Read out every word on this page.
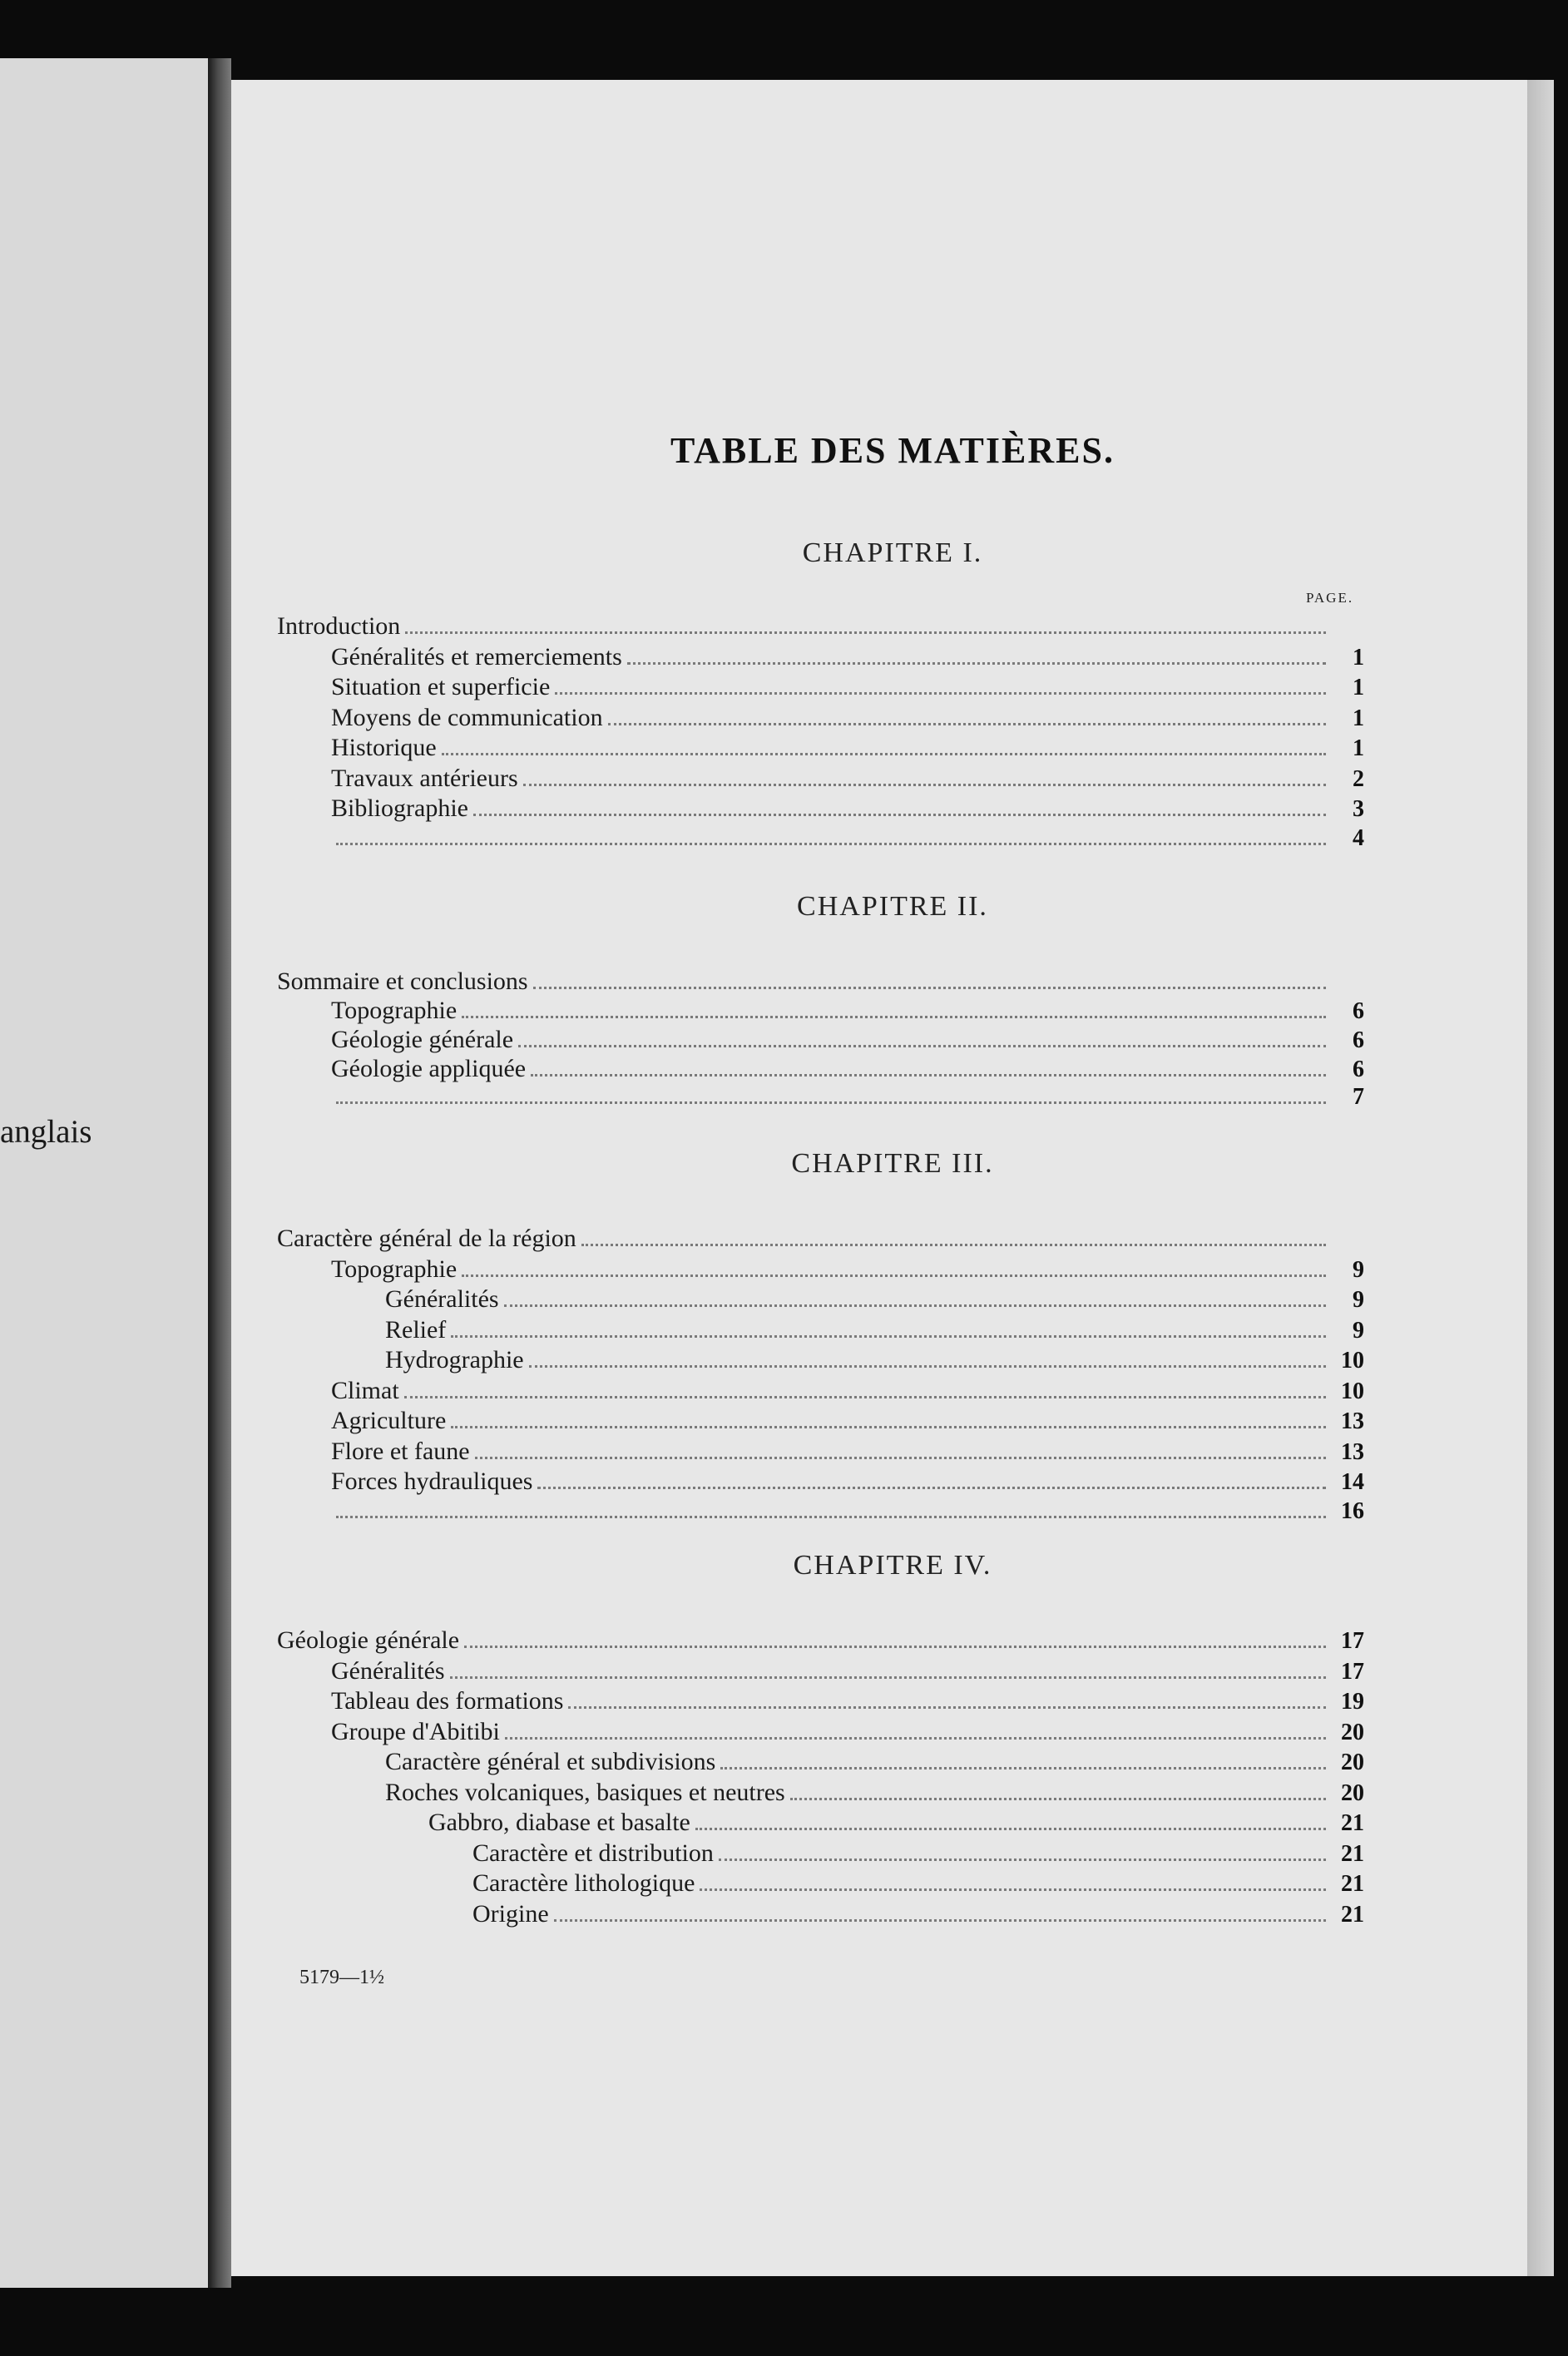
anglais
TABLE DES MATIÈRES.
CHAPITRE I.
PAGE.
CHAPITRE II.
CHAPITRE III.
CHAPITRE IV.
Introduction
Généralités et remerciements	1
Situation et superficie	1
Moyens de communication	1
Historique	1
Travaux antérieurs	2
Bibliographie	3
4
Sommaire et conclusions
Topographie	6
Géologie générale	6
Géologie appliquée	6
7
Caractère général de la région
Topographie	9
Généralités	9
Relief	9
Hydrographie	10
Climat	10
Agriculture	13
Flore et faune	13
Forces hydrauliques	14
16
Géologie générale	17
Généralités	17
Tableau des formations	19
Groupe d'Abitibi	20
Caractère général et subdivisions	20
Roches volcaniques, basiques et neutres	20
Gabbro, diabase et basalte	21
Caractère et distribution	21
Caractère lithologique	21
Origine	21
5179—1½
